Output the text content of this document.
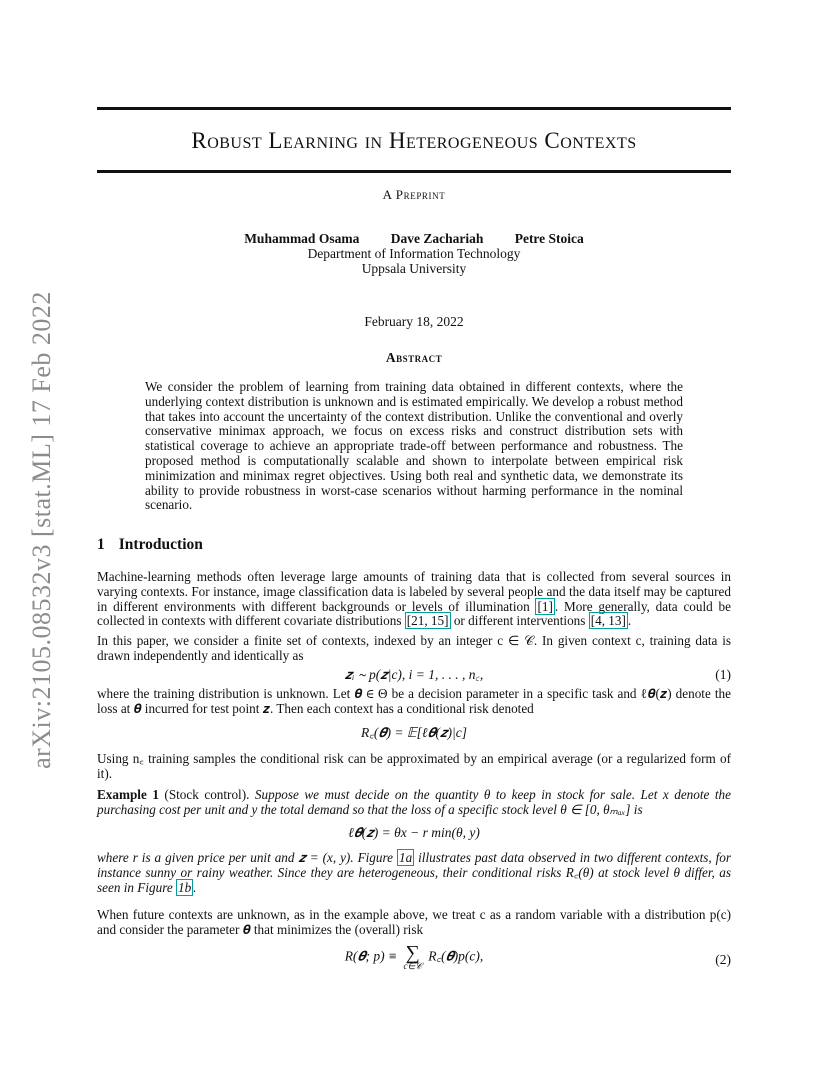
arXiv:2105.08532v3 [stat.ML] 17 Feb 2022
Robust Learning in Heterogeneous Contexts
A Preprint
Muhammad Osama Dave Zachariah Petre Stoica
Department of Information Technology
Uppsala University
February 18, 2022
Abstract
We consider the problem of learning from training data obtained in different contexts, where the underlying context distribution is unknown and is estimated empirically. We develop a robust method that takes into account the uncertainty of the context distribution. Unlike the conventional and overly conservative minimax approach, we focus on excess risks and construct distribution sets with statistical coverage to achieve an appropriate trade-off between performance and robustness. The proposed method is computationally scalable and shown to interpolate between empirical risk minimization and minimax regret objectives. Using both real and synthetic data, we demonstrate its ability to provide robustness in worst-case scenarios without harming performance in the nominal scenario.
1 Introduction
Machine-learning methods often leverage large amounts of training data that is collected from several sources in varying contexts. For instance, image classification data is labeled by several people and the data itself may be captured in different environments with different backgrounds or levels of illumination [1] . More generally, data could be collected in contexts with different covariate distributions [21, 15] or different interventions [4, 13] .
In this paper, we consider a finite set of contexts, indexed by an integer c ∈ 𝒞. In given context c, training data is drawn independently and identically as
𝒛ᵢ ∼ p(𝒛|c), i = 1, . . . , n꜀,	(1)
where the training distribution is unknown. Let 𝜽 ∈ Θ be a decision parameter in a specific task and ℓ𝜽(𝒛) denote the loss at 𝜽 incurred for test point 𝒛. Then each context has a conditional risk denoted
R꜀(𝜽) = 𝔼[ℓ𝜽(𝒛)|c]
Using n꜀ training samples the conditional risk can be approximated by an empirical average (or a regularized form of it).
Example 1 (Stock control). Suppose we must decide on the quantity θ to keep in stock for sale. Let x denote the purchasing cost per unit and y the total demand so that the loss of a specific stock level θ ∈ [0, θₘₐₓ] is
ℓ𝜽(𝒛) = θx − r min(θ, y)
where r is a given price per unit and 𝒛 = (x, y). Figure 1a illustrates past data observed in two different contexts, for instance sunny or rainy weather. Since they are heterogeneous, their conditional risks R꜀(θ) at stock level θ differ, as seen in Figure 1b .
When future contexts are unknown, as in the example above, we treat c as a random variable with a distribution p(c) and consider the parameter 𝜽 that minimizes the (overall) risk
R(𝜽; p) ≡ ∑
c∈𝒞
R꜀(𝜽)p(c),	(2)
